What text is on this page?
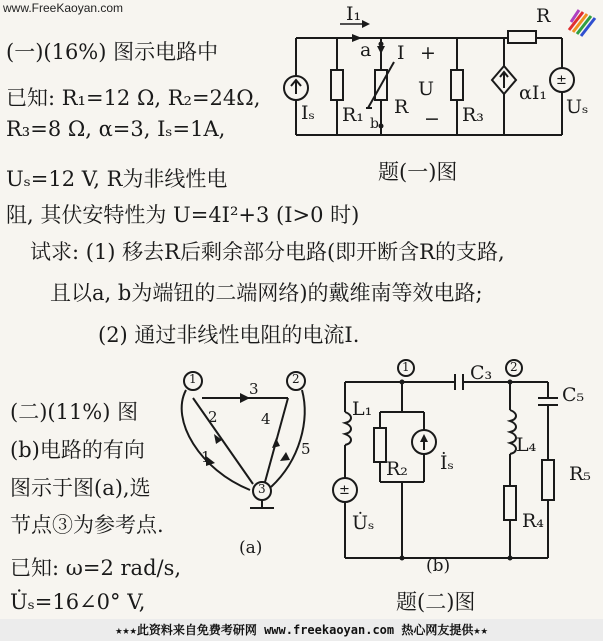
www.FreeKaoyan.com
(一)(16%) 图示电路中
已知: R₁=12 Ω, R₂=24Ω,
R₃=8 Ω, α=3, Iₛ=1A,
Uₛ=12 V, R为非线性电
阻, 其伏安特性为 U=4I²+3 (I>0 时)
试求: (1) 移去R后剩余部分电路(即开断含R的支路,
且以a, b为端钮的二端网络)的戴维南等效电路;
(2) 通过非线性电阻的电流I.
题(一)图
±
I₁	R
a I +
U
−
Iₛ R₁ b
R	R₃
αI₁
Uₛ
(二)(11%) 图
(b)电路的有向
图示于图(a),选
节点③为参考点.
已知: ω=2 rad/s,
U̇ₛ=16∠0° V,	题(二)图
±
1	2
3
3
2	4
1	5
(a)
1	2
C₃
C₅
L₁
R₂ İₛ
L₄
R₅
U̇ₛ	R₄
(b)
★★★此资料来自免费考研网 www.freekaoyan.com 热心网友提供★★
